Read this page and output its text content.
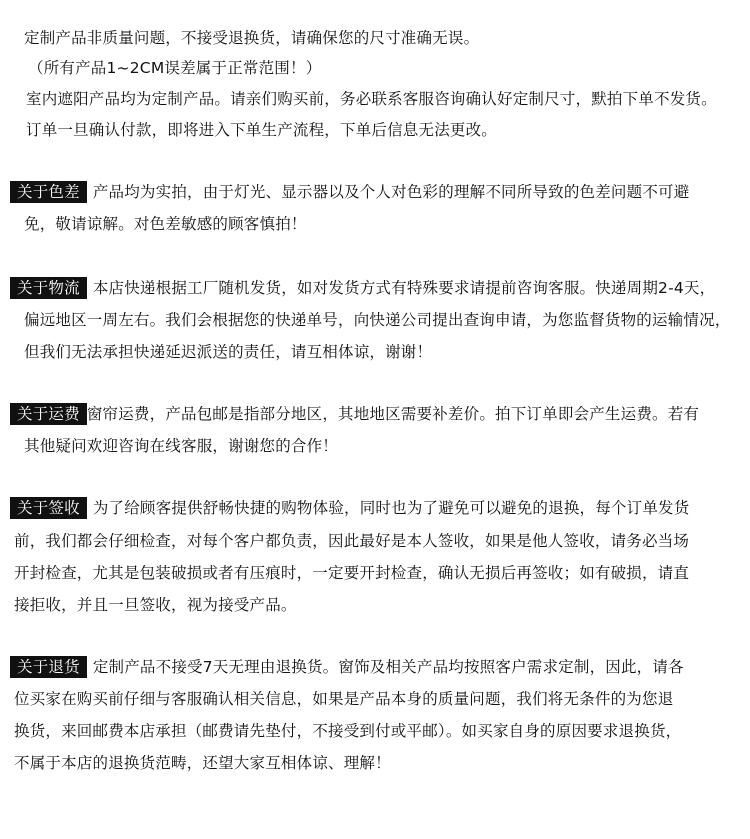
定制产品非质量问题，不接受退换货，请确保您的尺寸准确无误。
（所有产品1~2CM误差属于正常范围！）
室内遮阳产品均为定制产品。请亲们购买前，务必联系客服咨询确认好定制尺寸，默拍下单不发货。
订单一旦确认付款，即将进入下单生产流程，下单后信息无法更改。
关于色差 产品均为实拍，由于灯光、显示器以及个人对色彩的理解不同所导致的色差问题不可避
免，敬请谅解。对色差敏感的顾客慎拍！
关于物流 本店快递根据工厂随机发货，如对发货方式有特殊要求请提前咨询客服。快递周期2-4天，
偏远地区一周左右。我们会根据您的快递单号，向快递公司提出查询申请，为您监督货物的运输情况，
但我们无法承担快递延迟派送的责任，请互相体谅，谢谢！
关于运费 窗帘运费，产品包邮是指部分地区，其地地区需要补差价。拍下订单即会产生运费。若有
其他疑问欢迎咨询在线客服，谢谢您的合作！
关于签收 为了给顾客提供舒畅快捷的购物体验，同时也为了避免可以避免的退换，每个订单发货
前，我们都会仔细检查，对每个客户都负责，因此最好是本人签收，如果是他人签收，请务必当场
开封检查，尤其是包装破损或者有压痕时，一定要开封检查，确认无损后再签收；如有破损，请直
接拒收，并且一旦签收，视为接受产品。
关于退货 定制产品不接受7天无理由退换货。窗饰及相关产品均按照客户需求定制，因此，请各
位买家在购买前仔细与客服确认相关信息，如果是产品本身的质量问题，我们将无条件的为您退
换货，来回邮费本店承担（邮费请先垫付，不接受到付或平邮）。如买家自身的原因要求退换货，
不属于本店的退换货范畴，还望大家互相体谅、理解！
